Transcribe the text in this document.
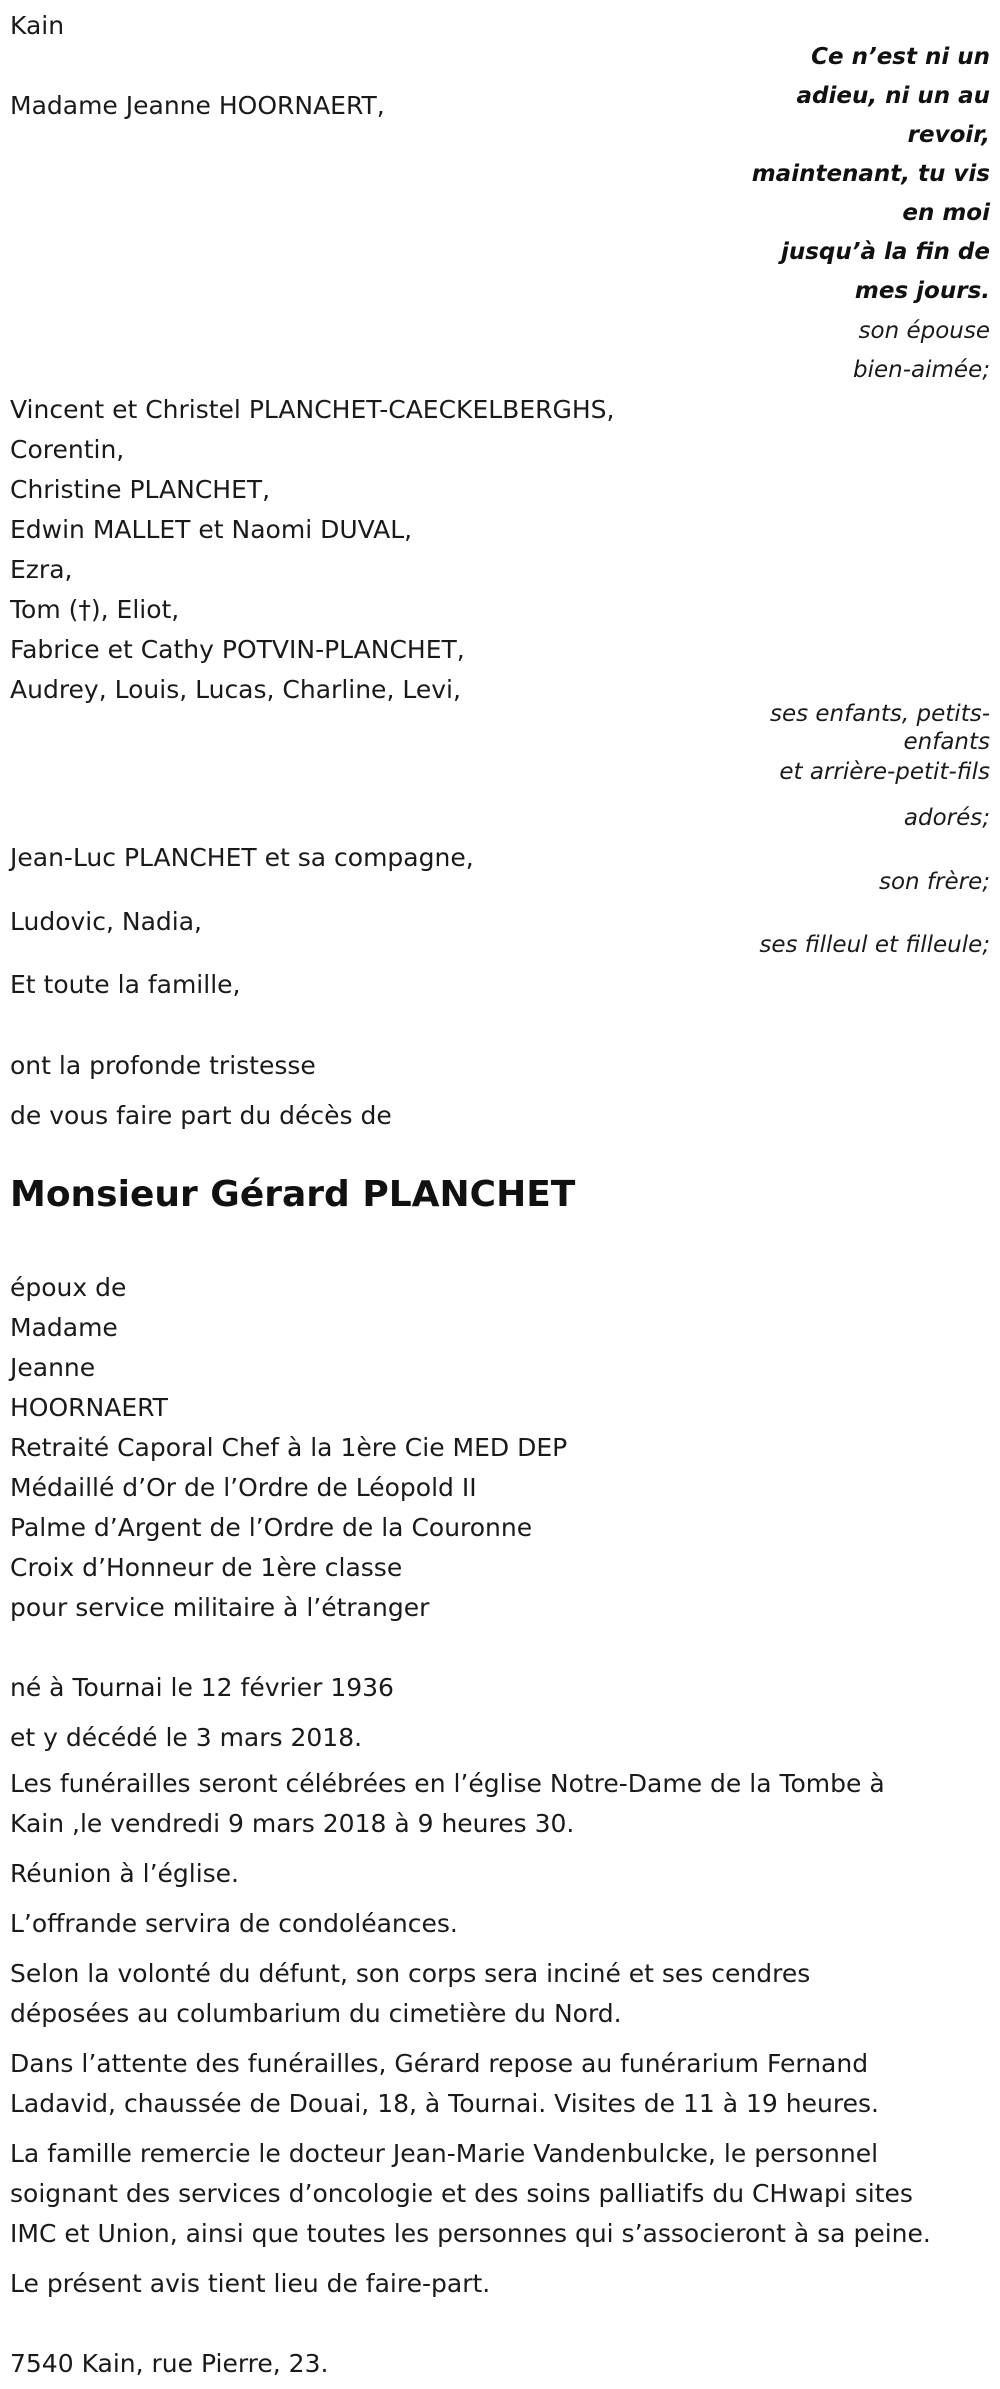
Kain
Madame Jeanne HOORNAERT,
Ce n’est ni un
adieu, ni un au
revoir,
maintenant, tu vis
en moi
jusqu’à la fin de
mes jours.
son épouse
bien-aimée;
Vincent et Christel PLANCHET-CAECKELBERGHS,
Corentin,
Christine PLANCHET,
Edwin MALLET et Naomi DUVAL,
Ezra,
Tom (†), Eliot,
Fabrice et Cathy POTVIN-PLANCHET,
Audrey, Louis, Lucas, Charline, Levi,
ses enfants, petits-
enfants
et arrière-petit-fils
adorés;
Jean-Luc PLANCHET et sa compagne,
son frère;
Ludovic, Nadia,
ses filleul et filleule;
Et toute la famille,
ont la profonde tristesse
de vous faire part du décès de
Monsieur Gérard PLANCHET
époux de
Madame
Jeanne
HOORNAERT
Retraité Caporal Chef à la 1ère Cie MED DEP
Médaillé d’Or de l’Ordre de Léopold II
Palme d’Argent de l’Ordre de la Couronne
Croix d’Honneur de 1ère classe
pour service militaire à l’étranger
né à Tournai le 12 février 1936
et y décédé le 3 mars 2018.
Les funérailles seront célébrées en l’église Notre-Dame de la Tombe à
Kain ,le vendredi 9 mars 2018 à 9 heures 30.
Réunion à l’église.
L’offrande servira de condoléances.
Selon la volonté du défunt, son corps sera inciné et ses cendres
déposées au columbarium du cimetière du Nord.
Dans l’attente des funérailles, Gérard repose au funérarium Fernand
Ladavid, chaussée de Douai, 18, à Tournai. Visites de 11 à 19 heures.
La famille remercie le docteur Jean-Marie Vandenbulcke, le personnel
soignant des services d’oncologie et des soins palliatifs du CHwapi sites
IMC et Union, ainsi que toutes les personnes qui s’associeront à sa peine.
Le présent avis tient lieu de faire-part.
7540 Kain, rue Pierre, 23.
